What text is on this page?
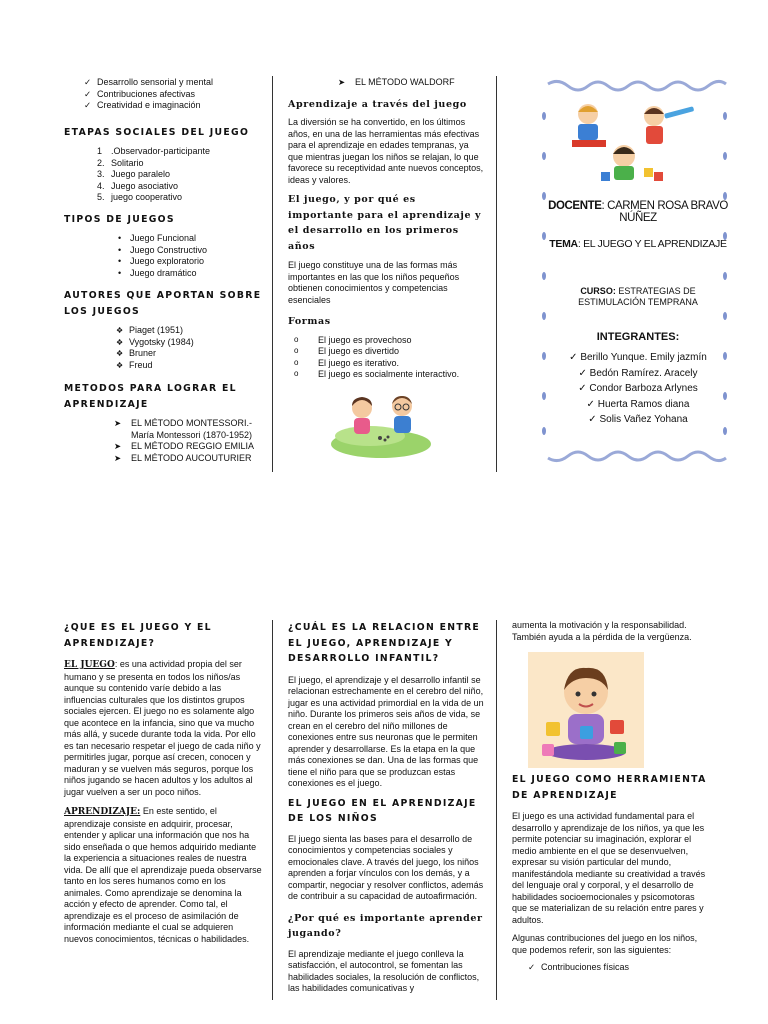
✓ Desarrollo sensorial y mental
✓ Contribuciones afectivas
✓ Creatividad e imaginación
ETAPAS SOCIALES DEL JUEGO
1 .Observador-participante
2. Solitario
3. Juego paralelo
4. Juego asociativo
5. juego cooperativo
TIPOS DE JUEGOS
• Juego Funcional
• Juego Constructivo
• Juego exploratorio
• Juego dramático
AUTORES QUE APORTAN SOBRE LOS JUEGOS
❖ Piaget (1951)
❖ Vygotsky (1984)
❖ Bruner
❖ Freud
METODOS PARA LOGRAR EL APRENDIZAJE
➤ EL MÉTODO MONTESSORI.- María Montessori (1870-1952)
➤ EL MÉTODO REGGIO EMILIA
➤ EL MÉTODO AUCOUTURIER
➤ EL MÉTODO WALDORF
Aprendizaje a través del juego

La diversión se ha convertido, en los últimos años, en una de las herramientas más efectivas para el aprendizaje en edades tempranas, ya que mientras juegan los niños se relajan, lo que favorece su receptividad ante nuevos conceptos, ideas y valores.

El juego, y por qué es importante para el aprendizaje y el desarrollo en los primeros años

El juego constituye una de las formas más importantes en las que los niños pequeños obtienen conocimientos y competencias esenciales

Formas
o El juego es provechoso
o El juego es divertido
o El juego es iterativo.
o El juego es socialmente interactivo.
DOCENTE: CARMEN ROSA BRAVO NÚÑEZ
TEMA: EL JUEGO Y EL APRENDIZAJE
CURSO: ESTRATEGIAS DE ESTIMULACIÓN TEMPRANA
INTEGRANTES:
✓ Berillo Yunque. Emily jazmín
✓ Bedón Ramírez. Aracely
✓ Condor Barboza Arlynes
✓ Huerta Ramos diana
✓ Solis Vañez Yohana
¿QUE ES EL JUEGO Y EL APRENDIZAJE?

EL JUEGO: es una actividad propia del ser humano y se presenta en todos los niños/as aunque su contenido varíe debido a las influencias culturales que los distintos grupos sociales ejercen. El juego no es solamente algo que acontece en la infancia, sino que va mucho más allá, y sucede durante toda la vida. Por ello es tan necesario respetar el juego de cada niño y permitirles jugar, porque así crecen, conocen y maduran y se vuelven más seguros, porque los niños jugando se hacen adultos y los adultos al jugar vuelven a ser un poco niños.

APRENDIZAJE: En este sentido, el aprendizaje consiste en adquirir, procesar, entender y aplicar una información que nos ha sido enseñada o que hemos adquirido mediante la experiencia a situaciones reales de nuestra vida. De allí que el aprendizaje pueda observarse tanto en los seres humanos como en los animales. Como aprendizaje se denomina la acción y efecto de aprender. Como tal, el aprendizaje es el proceso de asimilación de información mediante el cual se adquieren nuevos conocimientos, técnicas o habilidades.

¿CUÁL ES LA RELACION ENTRE EL JUEGO, APRENDIZAJE Y DESARROLLO INFANTIL?

El juego, el aprendizaje y el desarrollo infantil se relacionan estrechamente en el cerebro del niño, jugar es una actividad primordial en la vida de un niño. Durante los primeros seis años de vida, se crean en el cerebro del niño millones de conexiones entre sus neuronas que le permiten aprender y desarrollarse. Es la etapa en la que más conexiones se dan. Una de las formas que tiene el niño para que se produzcan estas conexiones es el juego.

EL JUEGO EN EL APRENDIZAJE DE LOS NIÑOS

El juego sienta las bases para el desarrollo de conocimientos y competencias sociales y emocionales clave. A través del juego, los niños aprenden a forjar vínculos con los demás, y a compartir, negociar y resolver conflictos, además de contribuir a su capacidad de autoafirmación.

¿Por qué es importante aprender jugando?

El aprendizaje mediante el juego conlleva la satisfacción, el autocontrol, se fomentan las habilidades sociales, la resolución de conflictos, las habilidades comunicativas y

aumenta la motivación y la responsabilidad. También ayuda a la pérdida de la vergüenza.

EL JUEGO COMO HERRAMIENTA DE APRENDIZAJE

El juego es una actividad fundamental para el desarrollo y aprendizaje de los niños, ya que les permite potenciar su imaginación, explorar el medio ambiente en el que se desenvuelven, expresar su visión particular del mundo, manifestándola mediante su creatividad a través del lenguaje oral y corporal, y el desarrollo de habilidades socioemocionales y psicomotoras que se materializan de su relación entre pares y adultos.

Algunas contribuciones del juego en los niños, que podemos referir, son las siguientes:

✓ Contribuciones físicas
